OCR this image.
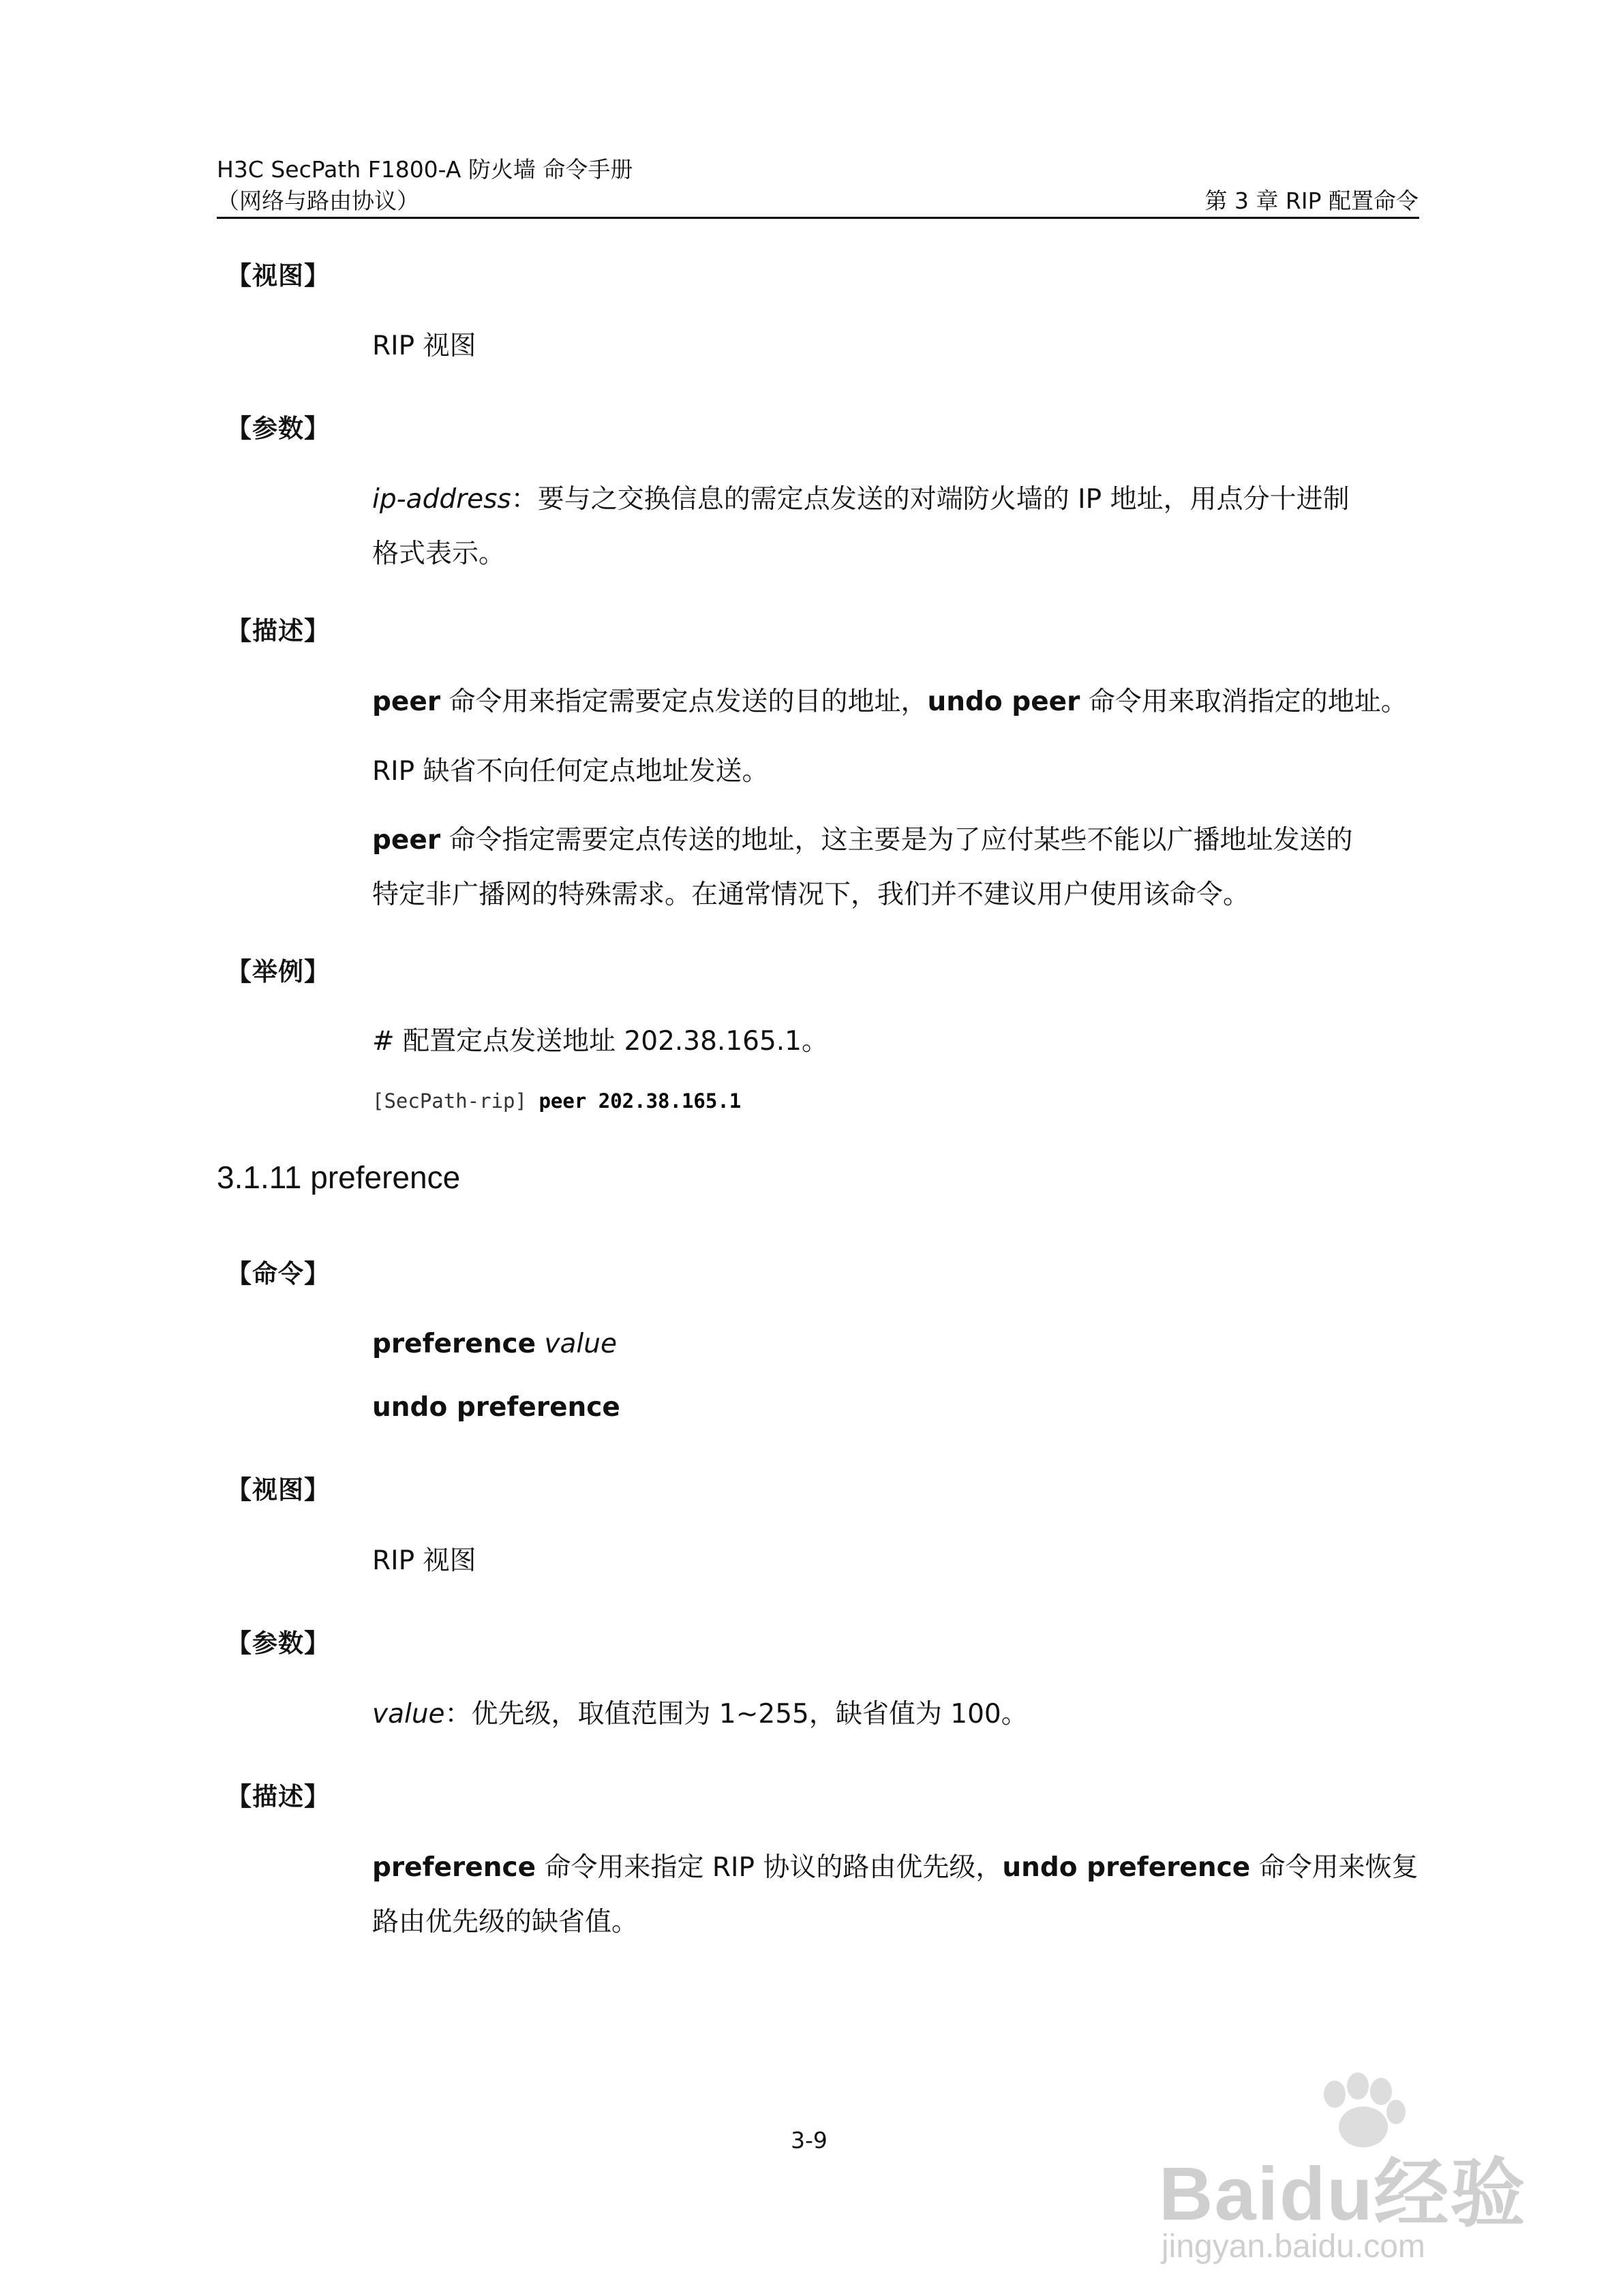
H3C SecPath F1800-A 防火墙 命令手册
（网络与路由协议）	第 3 章 RIP 配置命令
【视图】
RIP 视图
【参数】
ip-address：要与之交换信息的需定点发送的对端防火墙的 IP 地址，用点分十进制
格式表示。
【描述】
peer 命令用来指定需要定点发送的目的地址，undo peer 命令用来取消指定的地址。
RIP 缺省不向任何定点地址发送。
peer 命令指定需要定点传送的地址，这主要是为了应付某些不能以广播地址发送的
特定非广播网的特殊需求。在通常情况下，我们并不建议用户使用该命令。
【举例】
# 配置定点发送地址 202.38.165.1。
[SecPath-rip] peer 202.38.165.1
3.1.11 preference
【命令】
preference value
undo preference
【视图】
RIP 视图
【参数】
value：优先级，取值范围为 1~255，缺省值为 100。
【描述】
preference 命令用来指定 RIP 协议的路由优先级，undo preference 命令用来恢复
路由优先级的缺省值。
3-9
Baidu经验
jingyan.baidu.com
